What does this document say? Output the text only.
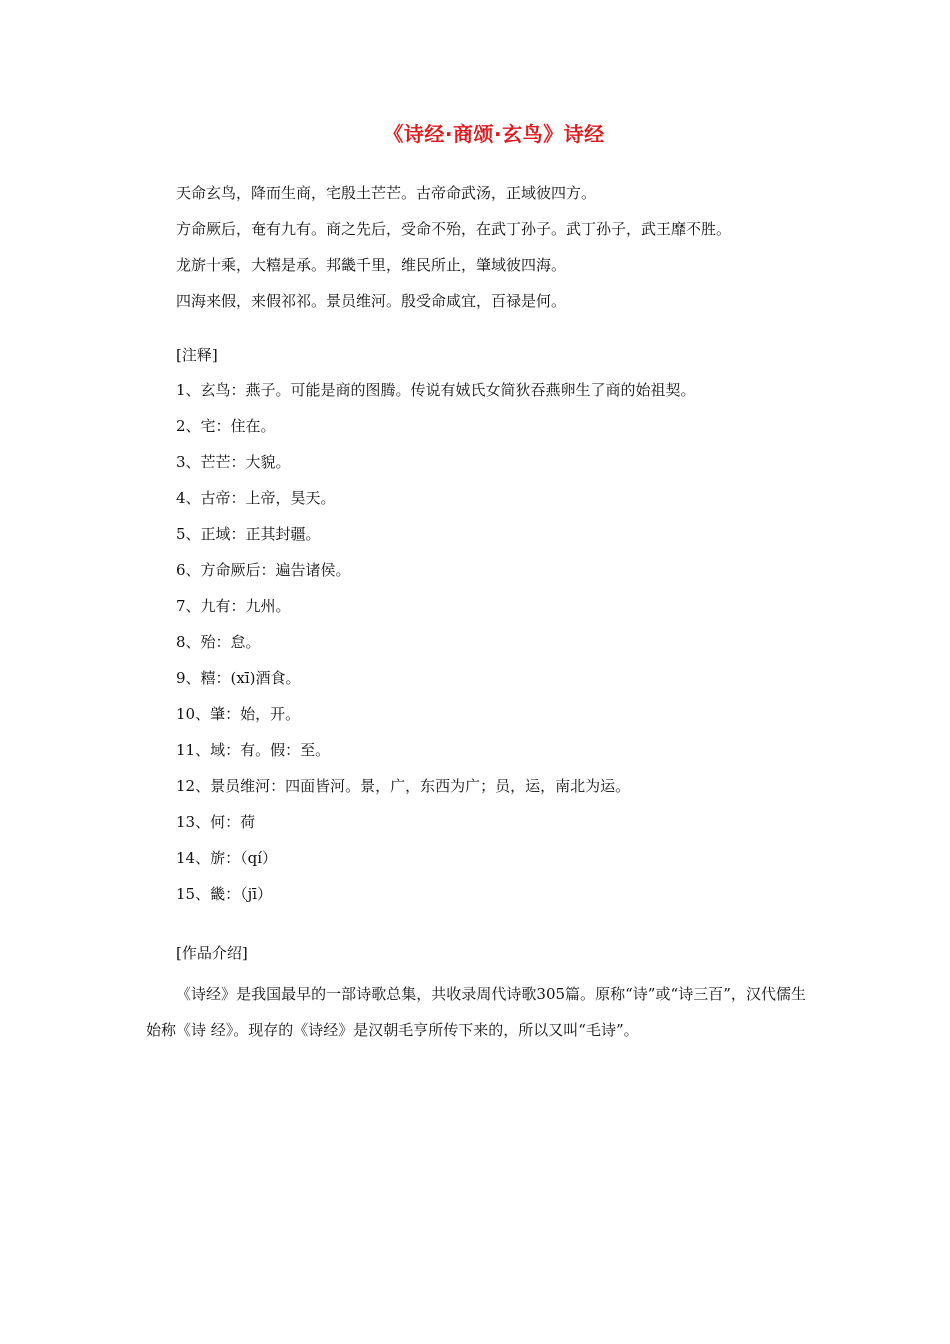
《诗经·商颂·玄鸟》诗经
天命玄鸟，降而生商，宅殷土芒芒。古帝命武汤，正域彼四方。
方命厥后，奄有九有。商之先后，受命不殆，在武丁孙子。武丁孙子，武王靡不胜。
龙旂十乘，大糦是承。邦畿千里，维民所止，肇域彼四海。
四海来假，来假祁祁。景员维河。殷受命咸宜，百禄是何。
[注释]
1、玄鸟：燕子。可能是商的图腾。传说有娀氏女简狄吞燕卵生了商的始祖契。
2、宅：住在。
3、芒芒：大貌。
4、古帝：上帝，昊天。
5、正域：正其封疆。
6、方命厥后：遍告诸侯。
7、九有：九州。
8、殆：怠。
9、糦：(xī)酒食。
10、肇：始，开。
11、域：有。假：至。
12、景员维河：四面皆河。景，广，东西为广；员，运，南北为运。
13、何：荷
14、旂：（qí）
15、畿：（jī）
[作品介绍]

《诗经》是我国最早的一部诗歌总集，共收录周代诗歌305篇。原称“诗”或“诗三百”，汉代儒生始称《诗 经》。现存的《诗经》是汉朝毛亨所传下来的，所以又叫“毛诗”。
